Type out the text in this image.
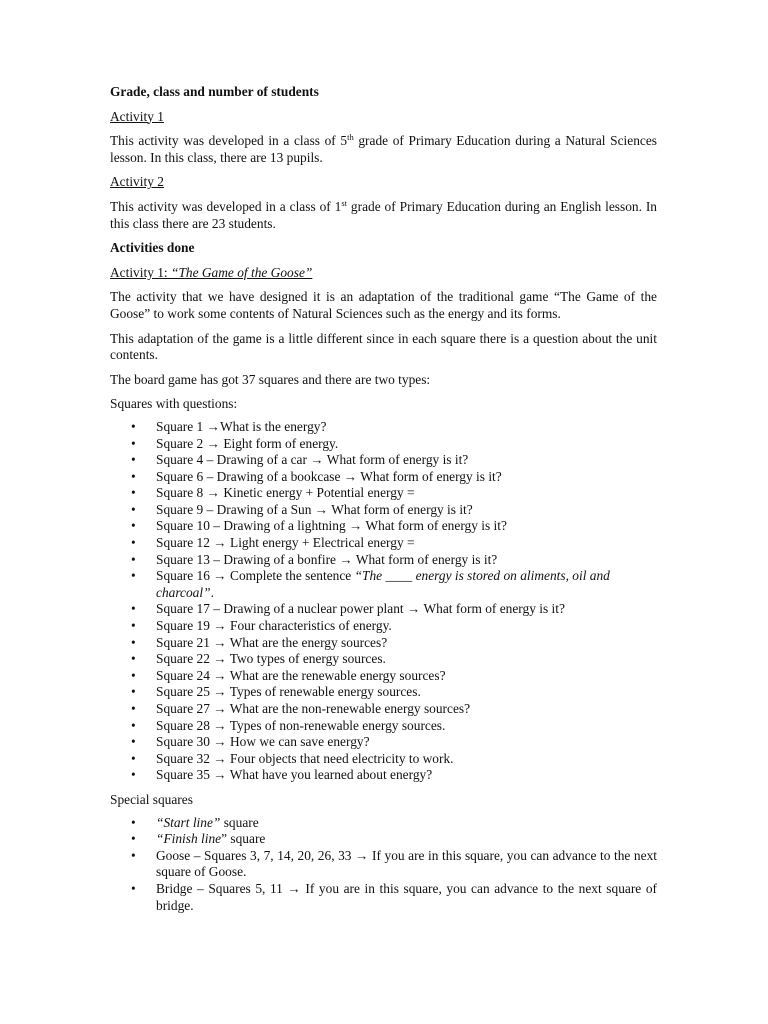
Grade, class and number of students

Activity 1

This activity was developed in a class of 5th grade of Primary Education during a Natural Sciences lesson. In this class, there are 13 pupils.

Activity 2

This activity was developed in a class of 1st grade of Primary Education during an English lesson. In this class there are 23 students.

Activities done

Activity 1: “The Game of the Goose”

The activity that we have designed it is an adaptation of the traditional game “The Game of the Goose” to work some contents of Natural Sciences such as the energy and its forms.

This adaptation of the game is a little different since in each square there is a question about the unit contents.

The board game has got 37 squares and there are two types:

Squares with questions:

• Square 1 →What is the energy?
• Square 2 → Eight form of energy.
• Square 4 – Drawing of a car → What form of energy is it?
• Square 6 – Drawing of a bookcase → What form of energy is it?
• Square 8 → Kinetic energy + Potential energy =
• Square 9 – Drawing of a Sun → What form of energy is it?
• Square 10 – Drawing of a lightning → What form of energy is it?
• Square 12 → Light energy + Electrical energy =
• Square 13 – Drawing of a bonfire → What form of energy is it?
• Square 16 → Complete the sentence “The ____ energy is stored on aliments, oil and charcoal”.
• Square 17 – Drawing of a nuclear power plant → What form of energy is it?
• Square 19 → Four characteristics of energy.
• Square 21 → What are the energy sources?
• Square 22 → Two types of energy sources.
• Square 24 → What are the renewable energy sources?
• Square 25 → Types of renewable energy sources.
• Square 27 → What are the non-renewable energy sources?
• Square 28 → Types of non-renewable energy sources.
• Square 30 → How we can save energy?
• Square 32 → Four objects that need electricity to work.
• Square 35 → What have you learned about energy?

Special squares

• “Start line” square
• “Finish line” square
• Goose – Squares 3, 7, 14, 20, 26, 33 → If you are in this square, you can advance to the next square of Goose.
• Bridge – Squares 5, 11 → If you are in this square, you can advance to the next square of bridge.
